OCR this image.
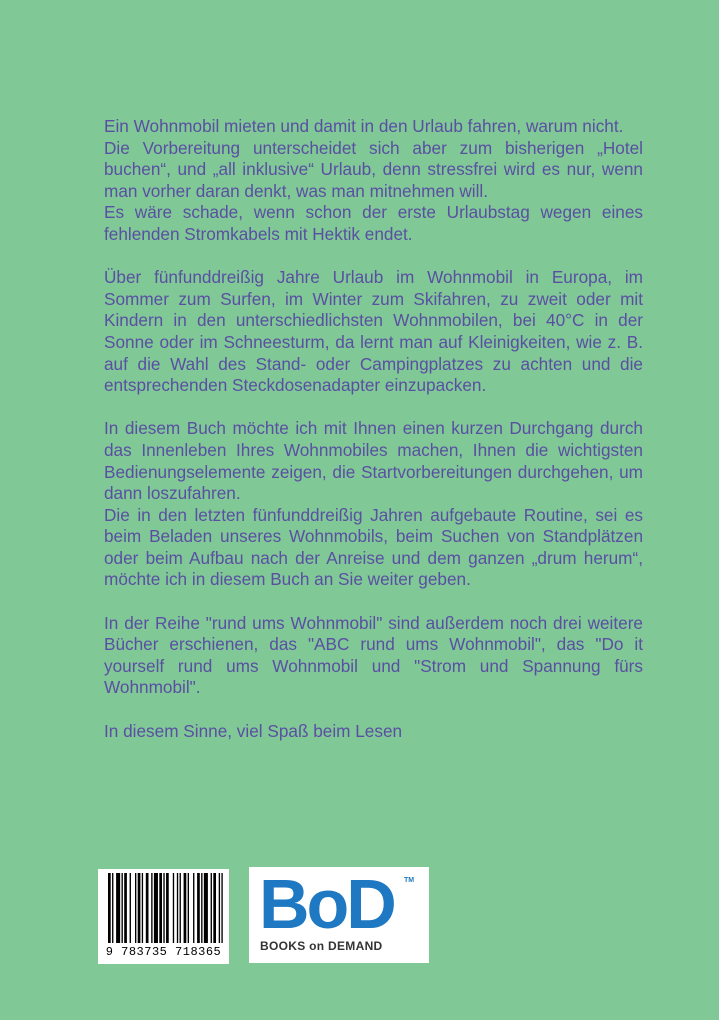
Ein Wohnmobil mieten und damit in den Urlaub fahren, warum nicht.

Die Vorbereitung unterscheidet sich aber zum bisherigen „Hotel buchen“, und „all inklusive“ Urlaub, denn stressfrei wird es nur, wenn man vorher daran denkt, was man mitnehmen will.

Es wäre schade, wenn schon der erste Urlaubstag wegen eines fehlenden Stromkabels mit Hektik endet.

Über fünfunddreißig Jahre Urlaub im Wohnmobil in Europa, im Sommer zum Surfen, im Winter zum Skifahren, zu zweit oder mit Kindern in den unterschiedlichsten Wohnmobilen, bei 40°C in der Sonne oder im Schneesturm, da lernt man auf Kleinigkeiten, wie z. B. auf die Wahl des Stand- oder Campingplatzes zu achten und die entsprechenden Steckdosenadapter einzupacken.

In diesem Buch möchte ich mit Ihnen einen kurzen Durchgang durch das Innenleben Ihres Wohnmobiles machen, Ihnen die wichtigsten Bedienungselemente zeigen, die Startvorbereitungen durchgehen, um dann loszufahren.

Die in den letzten fünfunddreißig Jahren aufgebaute Routine, sei es beim Beladen unseres Wohnmobils, beim Suchen von Standplätzen oder beim Aufbau nach der Anreise und dem ganzen „drum herum“, möchte ich in diesem Buch an Sie weiter geben.

In der Reihe "rund ums Wohnmobil" sind außerdem noch drei weitere Bücher erschienen, das "ABC rund ums Wohnmobil", das "Do it yourself rund ums Wohnmobil und "Strom und Spannung fürs Wohnmobil".

In diesem Sinne, viel Spaß beim Lesen

9 783735 718365
BoD TM
BOOKS on DEMAND
